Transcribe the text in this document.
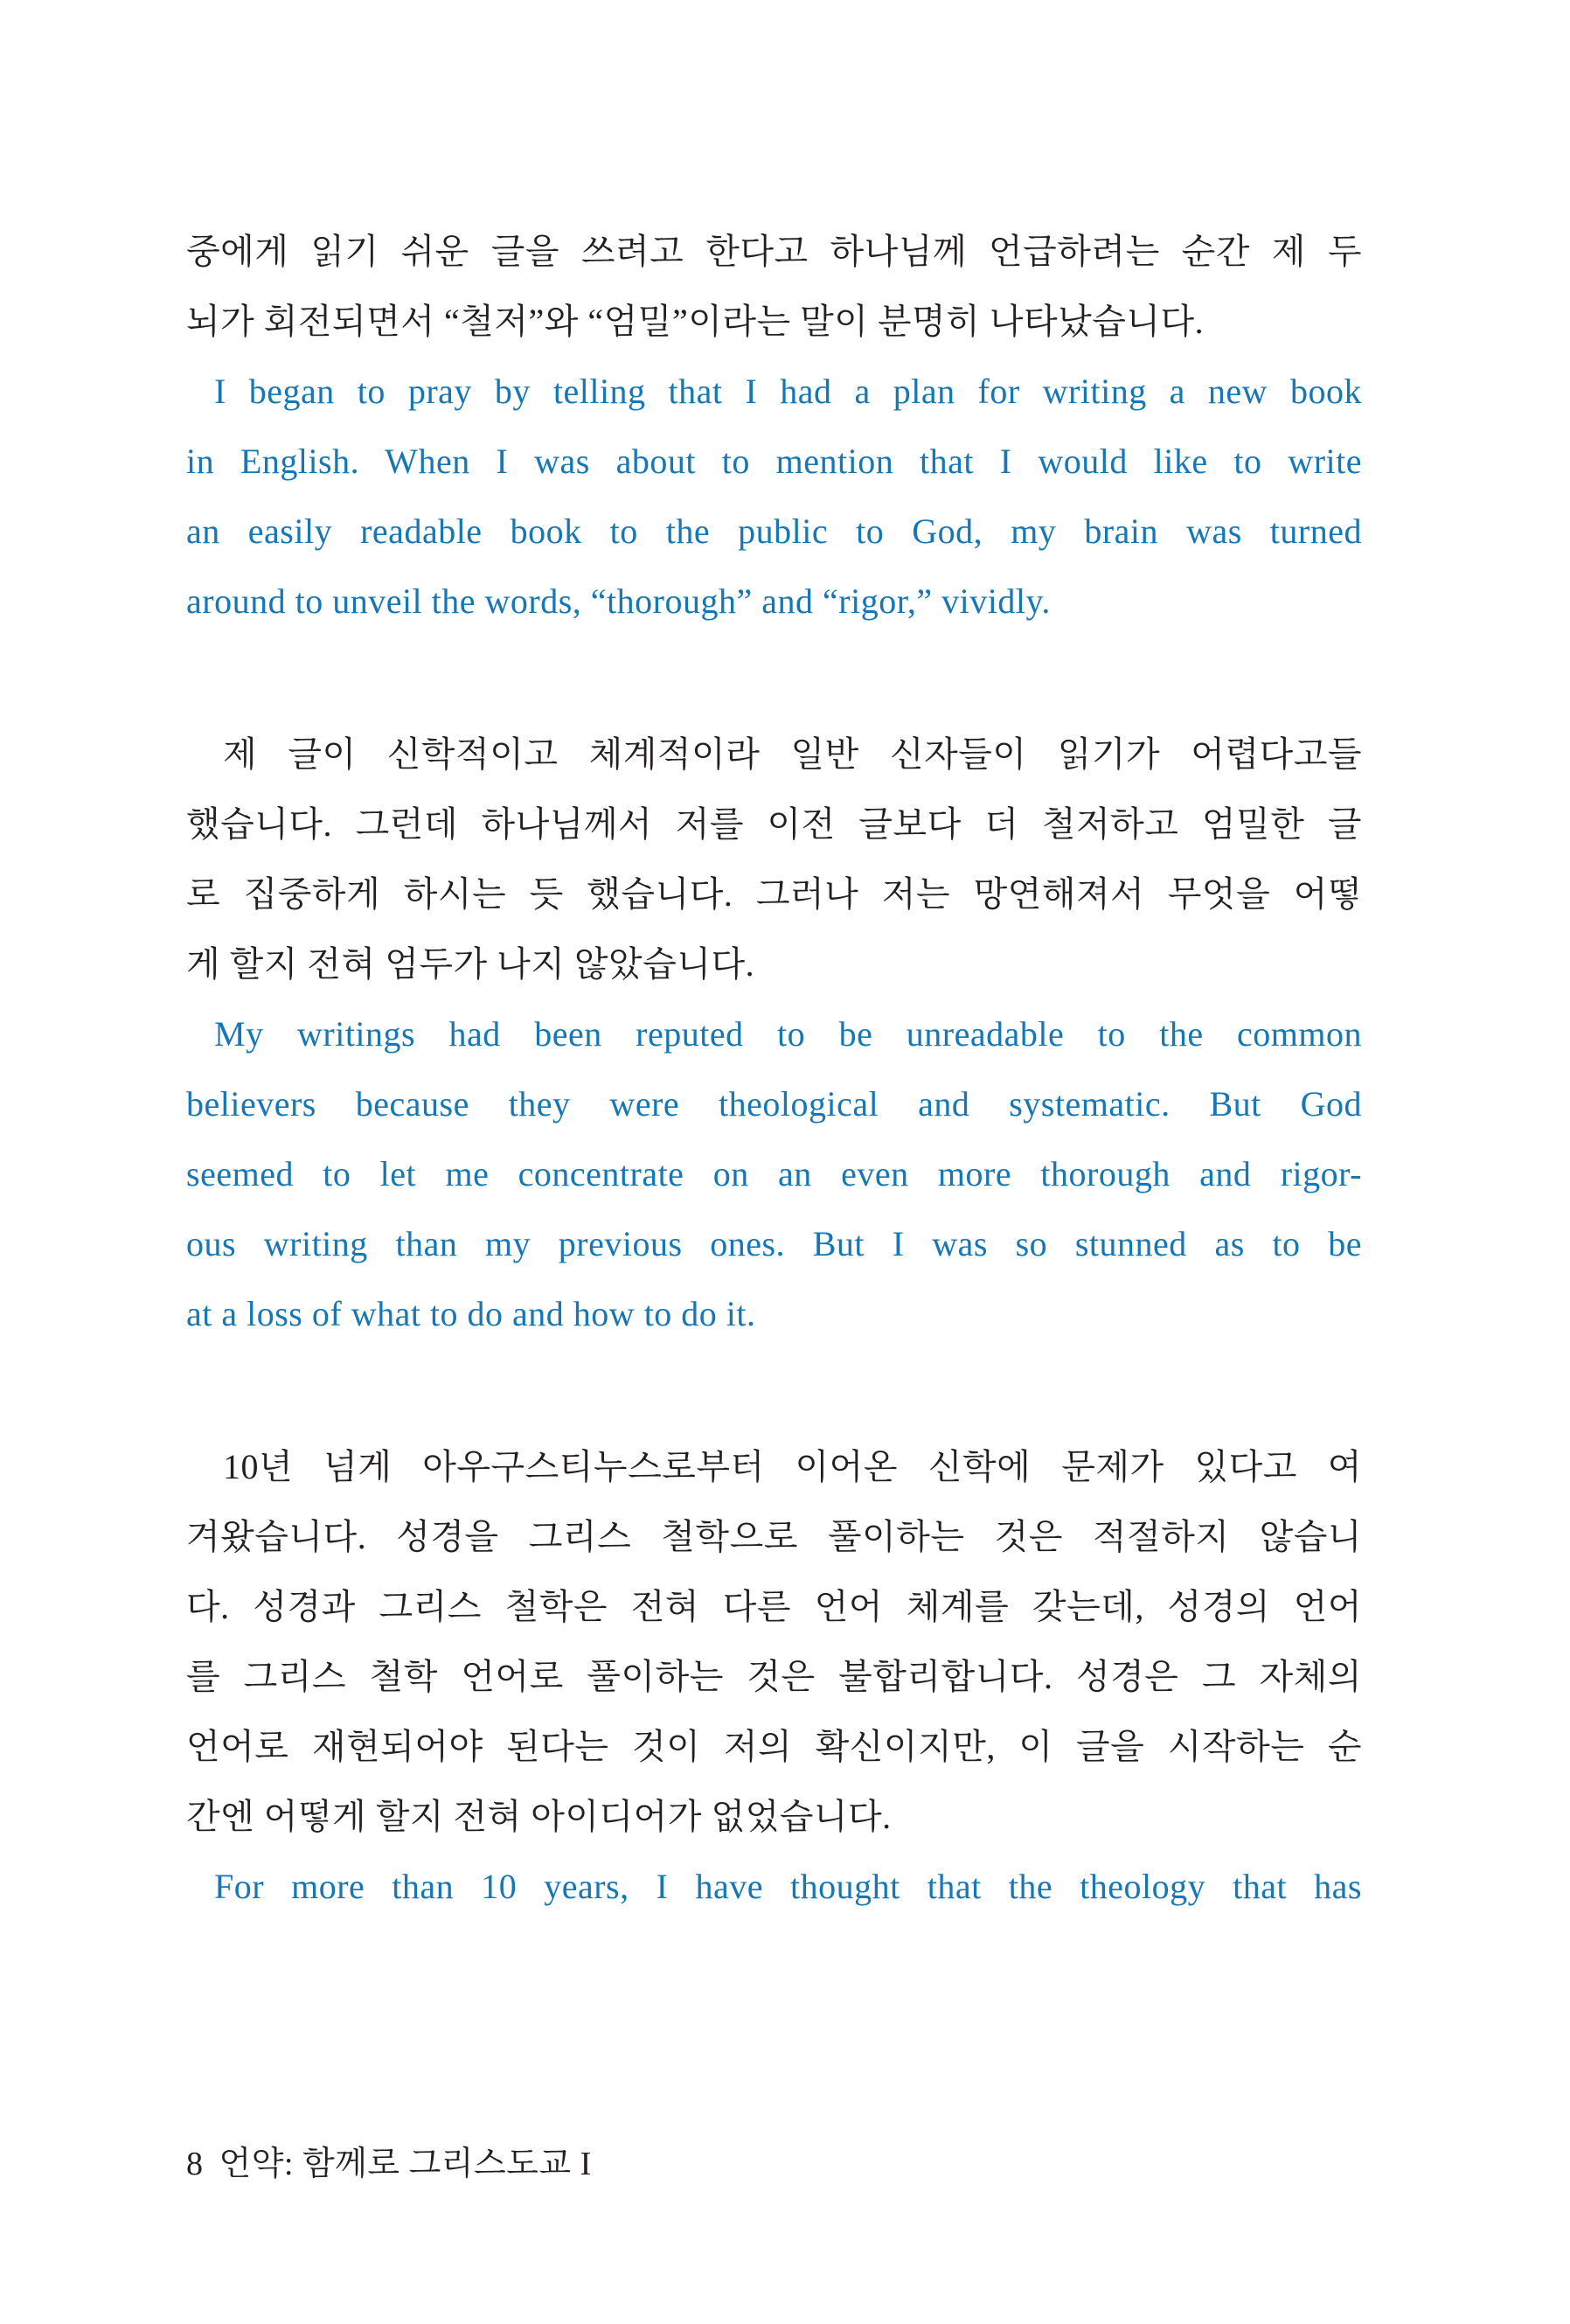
중에게 읽기 쉬운 글을 쓰려고 한다고 하나님께 언급하려는 순간 제 두
뇌가 회전되면서 “철저”와 “엄밀”이라는 말이 분명히 나타났습니다.

I began to pray by telling that I had a plan for writing a new book
in English. When I was about to mention that I would like to write
an easily readable book to the public to God, my brain was turned
around to unveil the words, “thorough” and “rigor,” vividly.

제 글이 신학적이고 체계적이라 일반 신자들이 읽기가 어렵다고들
했습니다. 그런데 하나님께서 저를 이전 글보다 더 철저하고 엄밀한 글
로 집중하게 하시는 듯 했습니다. 그러나 저는 망연해져서 무엇을 어떻
게 할지 전혀 엄두가 나지 않았습니다.

My writings had been reputed to be unreadable to the common
believers because they were theological and systematic. But God
seemed to let me concentrate on an even more thorough and rigor-
ous writing than my previous ones. But I was so stunned as to be
at a loss of what to do and how to do it.

10년 넘게 아우구스티누스로부터 이어온 신학에 문제가 있다고 여
겨왔습니다. 성경을 그리스 철학으로 풀이하는 것은 적절하지 않습니
다. 성경과 그리스 철학은 전혀 다른 언어 체계를 갖는데, 성경의 언어
를 그리스 철학 언어로 풀이하는 것은 불합리합니다. 성경은 그 자체의
언어로 재현되어야 된다는 것이 저의 확신이지만, 이 글을 시작하는 순
간엔 어떻게 할지 전혀 아이디어가 없었습니다.

For more than 10 years, I have thought that the theology that has

8 언약: 함께로 그리스도교 I
